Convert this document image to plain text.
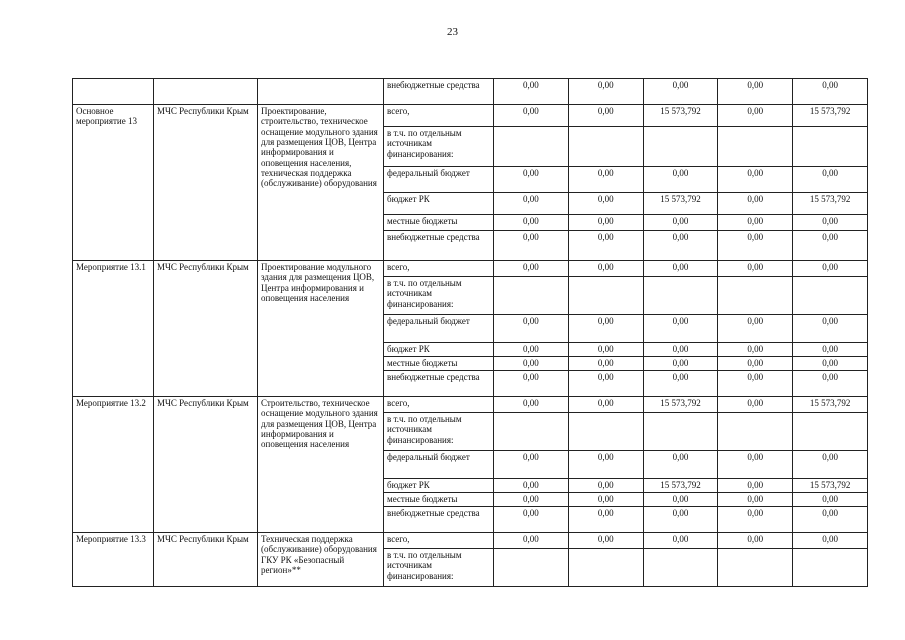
23
			внебюджетные средства	0,00	0,00	0,00	0,00	0,00
Основное мероприятие 13	МЧС Республики Крым	Проектирование, строительство, техническое оснащение модульного здания для размещения ЦОВ, Центра информирования и оповещения населения, техническая поддержка (обслуживание) оборудования	всего,	0,00	0,00	15 573,792	0,00	15 573,792
			в т.ч. по отдельным источникам финансирования:					
			федеральный бюджет	0,00	0,00	0,00	0,00	0,00
			бюджет РК	0,00	0,00	15 573,792	0,00	15 573,792
			местные бюджеты	0,00	0,00	0,00	0,00	0,00
			внебюджетные средства	0,00	0,00	0,00	0,00	0,00
Мероприятие 13.1	МЧС Республики Крым	Проектирование модульного здания для размещения ЦОВ, Центра информирования и оповещения населения	всего,	0,00	0,00	0,00	0,00	0,00
			в т.ч. по отдельным источникам финансирования:					
			федеральный бюджет	0,00	0,00	0,00	0,00	0,00
			бюджет РК	0,00	0,00	0,00	0,00	0,00
			местные бюджеты	0,00	0,00	0,00	0,00	0,00
			внебюджетные средства	0,00	0,00	0,00	0,00	0,00
Мероприятие 13.2	МЧС Республики Крым	Строительство, техническое оснащение модульного здания для размещения ЦОВ, Центра информирования и оповещения населения	всего,	0,00	0,00	15 573,792	0,00	15 573,792
			в т.ч. по отдельным источникам финансирования:					
			федеральный бюджет	0,00	0,00	0,00	0,00	0,00
			бюджет РК	0,00	0,00	15 573,792	0,00	15 573,792
			местные бюджеты	0,00	0,00	0,00	0,00	0,00
			внебюджетные средства	0,00	0,00	0,00	0,00	0,00
Мероприятие 13.3	МЧС Республики Крым	Техническая поддержка (обслуживание) оборудования ГКУ РК «Безопасный регион»**	всего,	0,00	0,00	0,00	0,00	0,00
			в т.ч. по отдельным источникам финансирования:					
